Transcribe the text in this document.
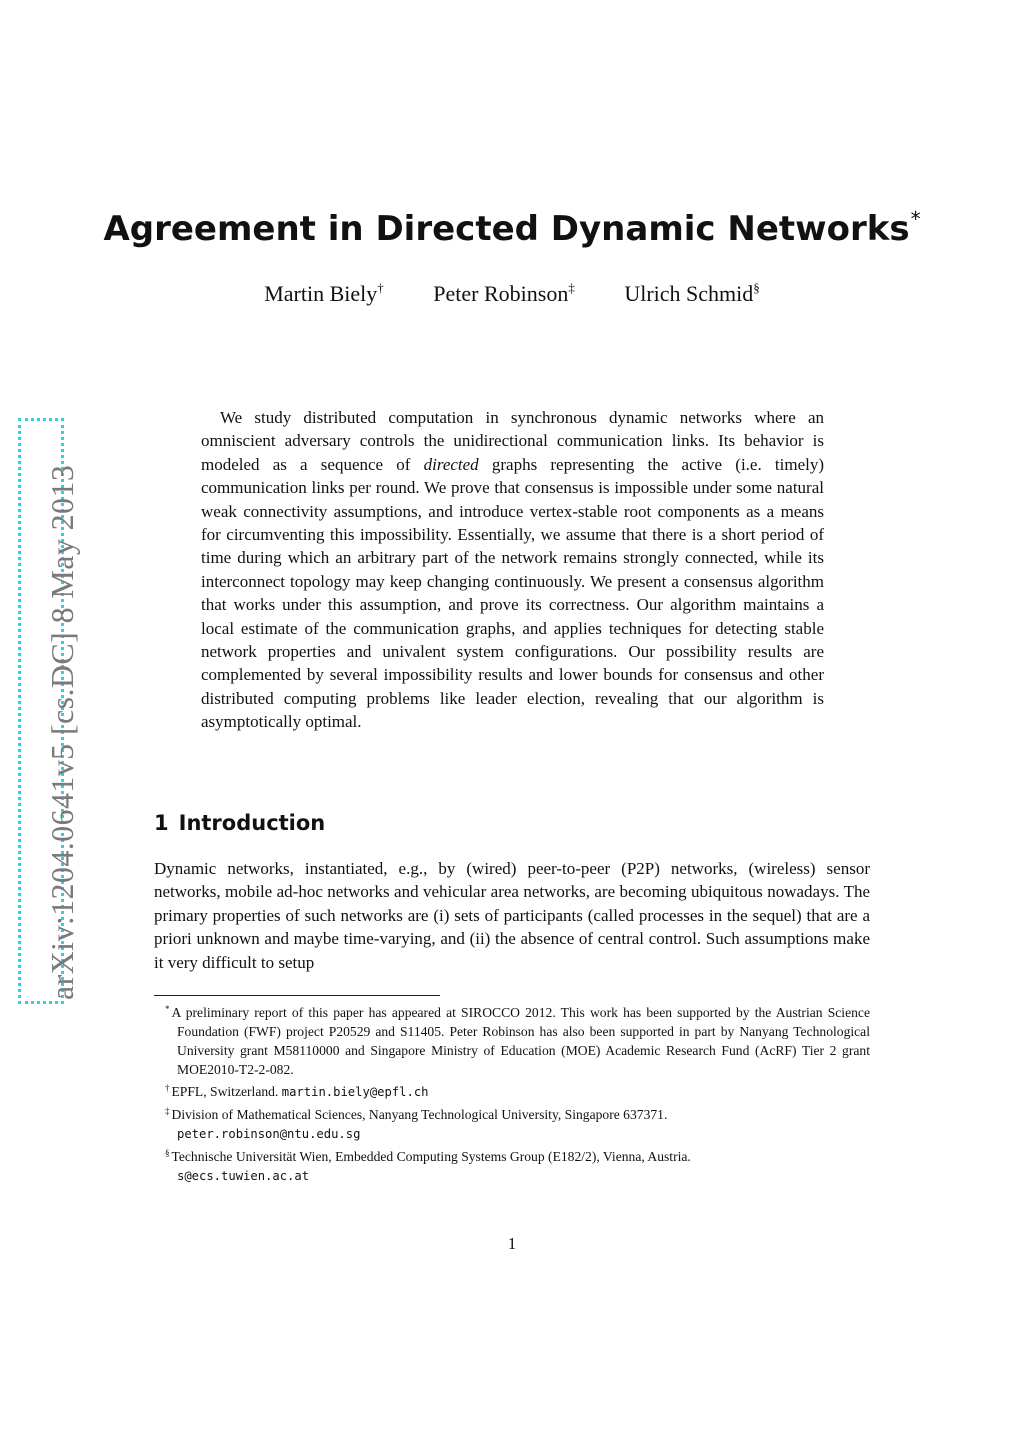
arXiv:1204.0641v5 [cs.DC] 8 May 2013
Agreement in Directed Dynamic Networks*
Martin Biely† Peter Robinson‡ Ulrich Schmid§

We study distributed computation in synchronous dynamic networks where an omniscient adversary controls the unidirectional communication links. Its behavior is modeled as a sequence of directed graphs representing the active (i.e. timely) communication links per round. We prove that consensus is impossible under some natural weak connectivity assumptions, and introduce vertex-stable root components as a means for circumventing this impossibility. Essentially, we assume that there is a short period of time during which an arbitrary part of the network remains strongly connected, while its interconnect topology may keep changing continuously. We present a consensus algorithm that works under this assumption, and prove its correctness. Our algorithm maintains a local estimate of the communication graphs, and applies techniques for detecting stable network properties and univalent system configurations. Our possibility results are complemented by several impossibility results and lower bounds for consensus and other distributed computing problems like leader election, revealing that our algorithm is asymptotically optimal.

1 Introduction

Dynamic networks, instantiated, e.g., by (wired) peer-to-peer (P2P) networks, (wireless) sensor networks, mobile ad-hoc networks and vehicular area networks, are becoming ubiquitous nowadays. The primary properties of such networks are (i) sets of participants (called processes in the sequel) that are a priori unknown and maybe time-varying, and (ii) the absence of central control. Such assumptions make it very difficult to setup

* A preliminary report of this paper has appeared at SIROCCO 2012. This work has been supported by the Austrian Science Foundation (FWF) project P20529 and S11405. Peter Robinson has also been supported in part by Nanyang Technological University grant M58110000 and Singapore Ministry of Education (MOE) Academic Research Fund (AcRF) Tier 2 grant MOE2010-T2-2-082.

† EPFL, Switzerland. martin.biely@epfl.ch

‡ Division of Mathematical Sciences, Nanyang Technological University, Singapore 637371.

peter.robinson@ntu.edu.sg

§ Technische Universität Wien, Embedded Computing Systems Group (E182/2), Vienna, Austria.

s@ecs.tuwien.ac.at

1
